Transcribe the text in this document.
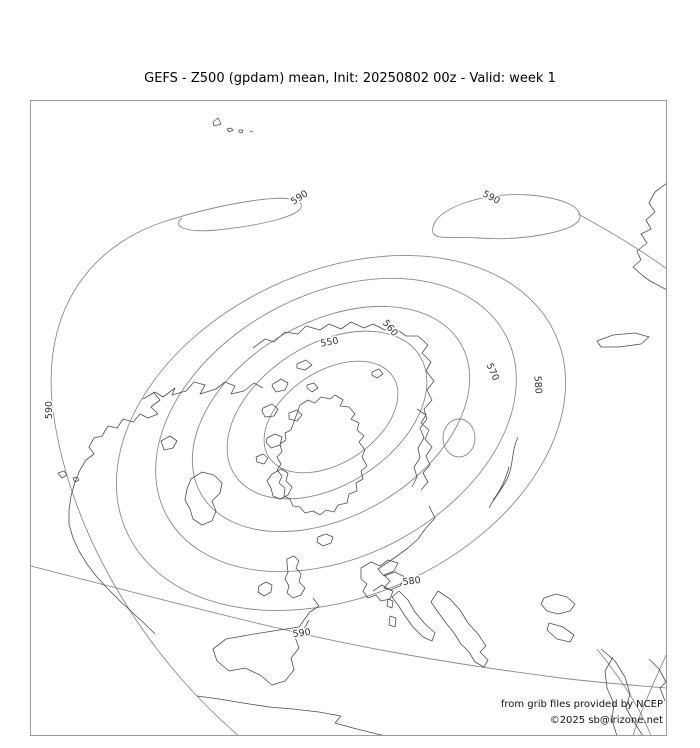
GEFS - Z500 (gpdam) mean, Init: 20250802 00z - Valid: week 1
590	590
590
550
560
570
580
580
590
from grib files provided by NCEP
©2025 sb@irizone.net
